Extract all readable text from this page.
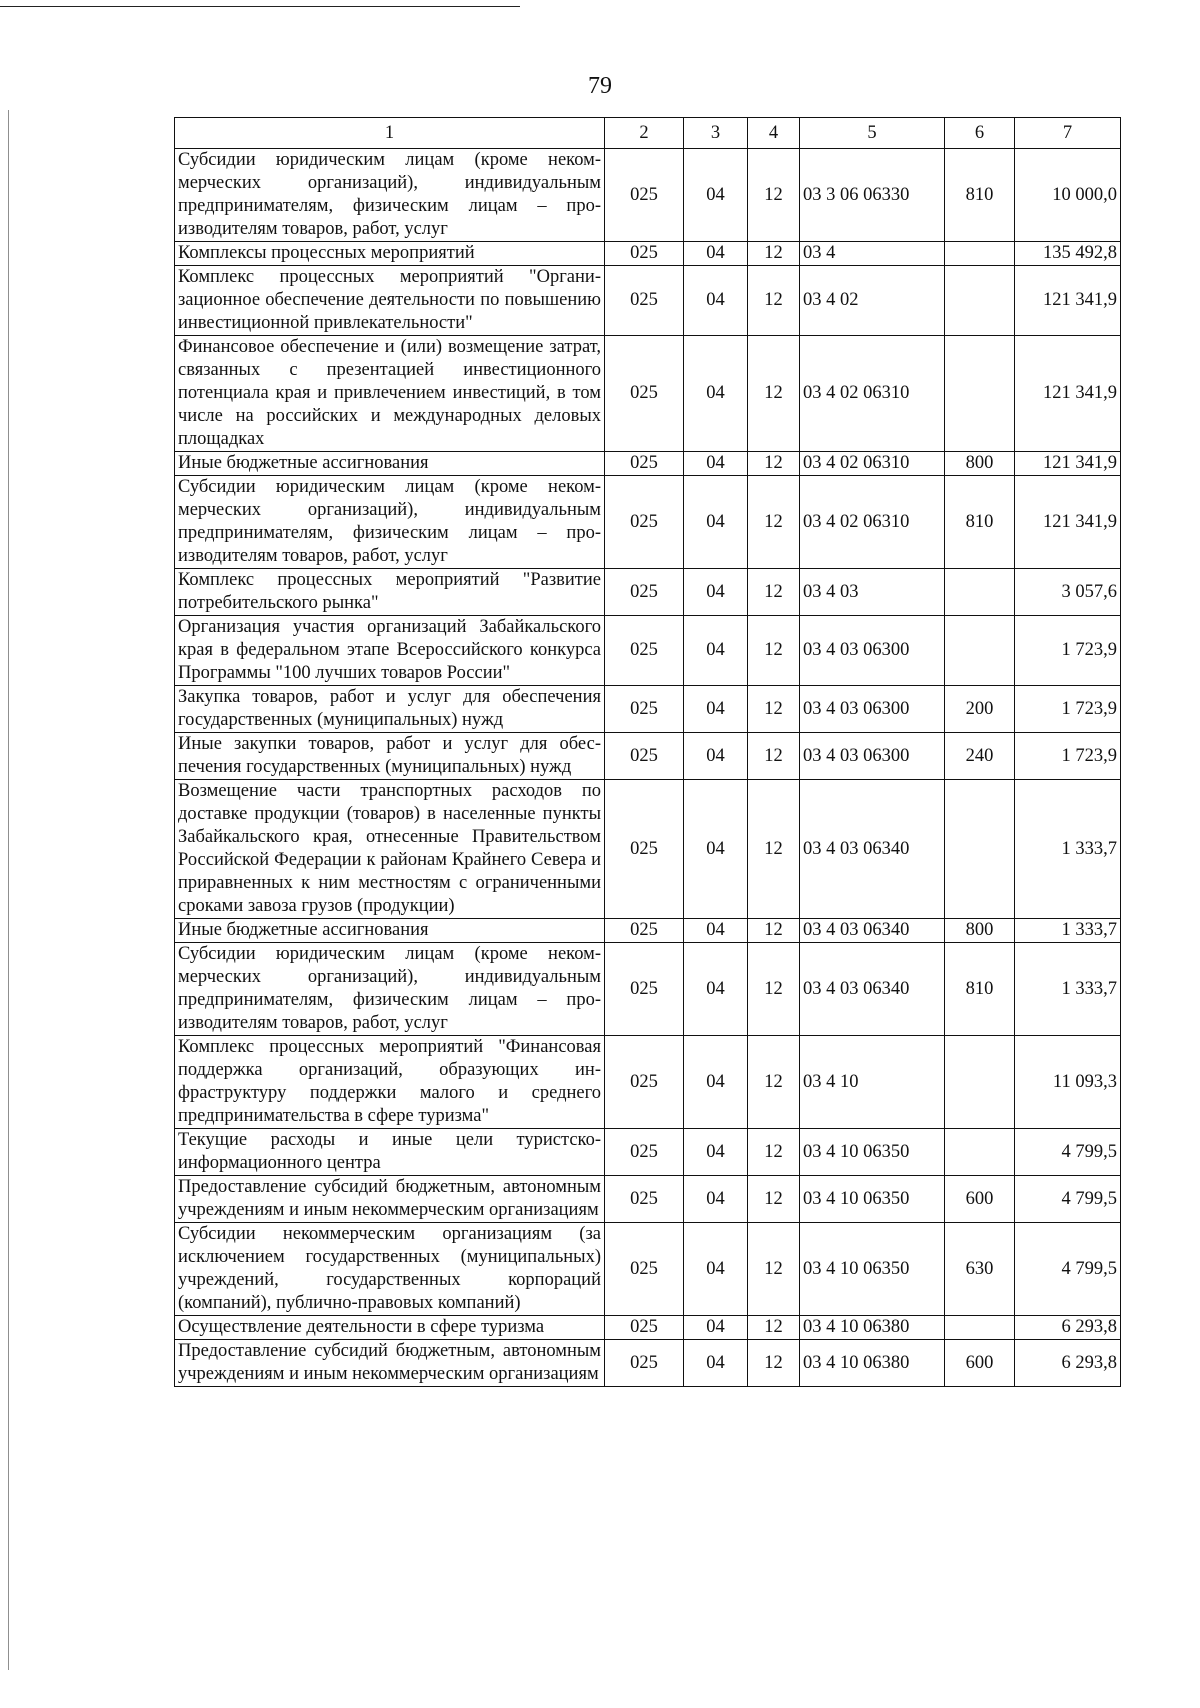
79
1	2	3	4	5	6	7
Субсидии юридическим лицам (кроме некоммерческих организаций), индивидуальным предпринимателям, физическим лицам – производителям товаров, работ, услуг	025	04	12	03 3 06 06330	810	10 000,0
Комплексы процессных мероприятий	025	04	12	03 4		135 492,8
Комплекс процессных мероприятий "Организационное обеспечение деятельности по повышению инвестиционной привлекательности"	025	04	12	03 4 02		121 341,9
Финансовое обеспечение и (или) возмещение затрат, связанных с презентацией инвестиционного потенциала края и привлечением инвестиций, в том числе на российских и международных деловых площадках	025	04	12	03 4 02 06310		121 341,9
Иные бюджетные ассигнования	025	04	12	03 4 02 06310	800	121 341,9
Субсидии юридическим лицам (кроме некоммерческих организаций), индивидуальным предпринимателям, физическим лицам – производителям товаров, работ, услуг	025	04	12	03 4 02 06310	810	121 341,9
Комплекс процессных мероприятий "Развитие потребительского рынка"	025	04	12	03 4 03		3 057,6
Организация участия организаций Забайкальского края в федеральном этапе Всероссийского конкурса Программы "100 лучших товаров России"	025	04	12	03 4 03 06300		1 723,9
Закупка товаров, работ и услуг для обеспечения государственных (муниципальных) нужд	025	04	12	03 4 03 06300	200	1 723,9
Иные закупки товаров, работ и услуг для обеспечения государственных (муниципальных) нужд	025	04	12	03 4 03 06300	240	1 723,9
Возмещение части транспортных расходов по доставке продукции (товаров) в населенные пункты Забайкальского края, отнесенные Правительством Российской Федерации к районам Крайнего Севера и приравненных к ним местностям с ограниченными сроками завоза грузов (продукции)	025	04	12	03 4 03 06340		1 333,7
Иные бюджетные ассигнования	025	04	12	03 4 03 06340	800	1 333,7
Субсидии юридическим лицам (кроме некоммерческих организаций), индивидуальным предпринимателям, физическим лицам – производителям товаров, работ, услуг	025	04	12	03 4 03 06340	810	1 333,7
Комплекс процессных мероприятий "Финансовая поддержка организаций, образующих инфраструктуру поддержки малого и среднего предпринимательства в сфере туризма"	025	04	12	03 4 10		11 093,3
Текущие расходы и иные цели туристско-информационного центра	025	04	12	03 4 10 06350		4 799,5
Предоставление субсидий бюджетным, автономным учреждениям и иным некоммерческим организациям	025	04	12	03 4 10 06350	600	4 799,5
Субсидии некоммерческим организациям (за исключением государственных (муниципальных) учреждений, государственных корпораций (компаний), публично-правовых компаний)	025	04	12	03 4 10 06350	630	4 799,5
Осуществление деятельности в сфере туризма	025	04	12	03 4 10 06380		6 293,8
Предоставление субсидий бюджетным, автономным учреждениям и иным некоммерческим организациям	025	04	12	03 4 10 06380	600	6 293,8
